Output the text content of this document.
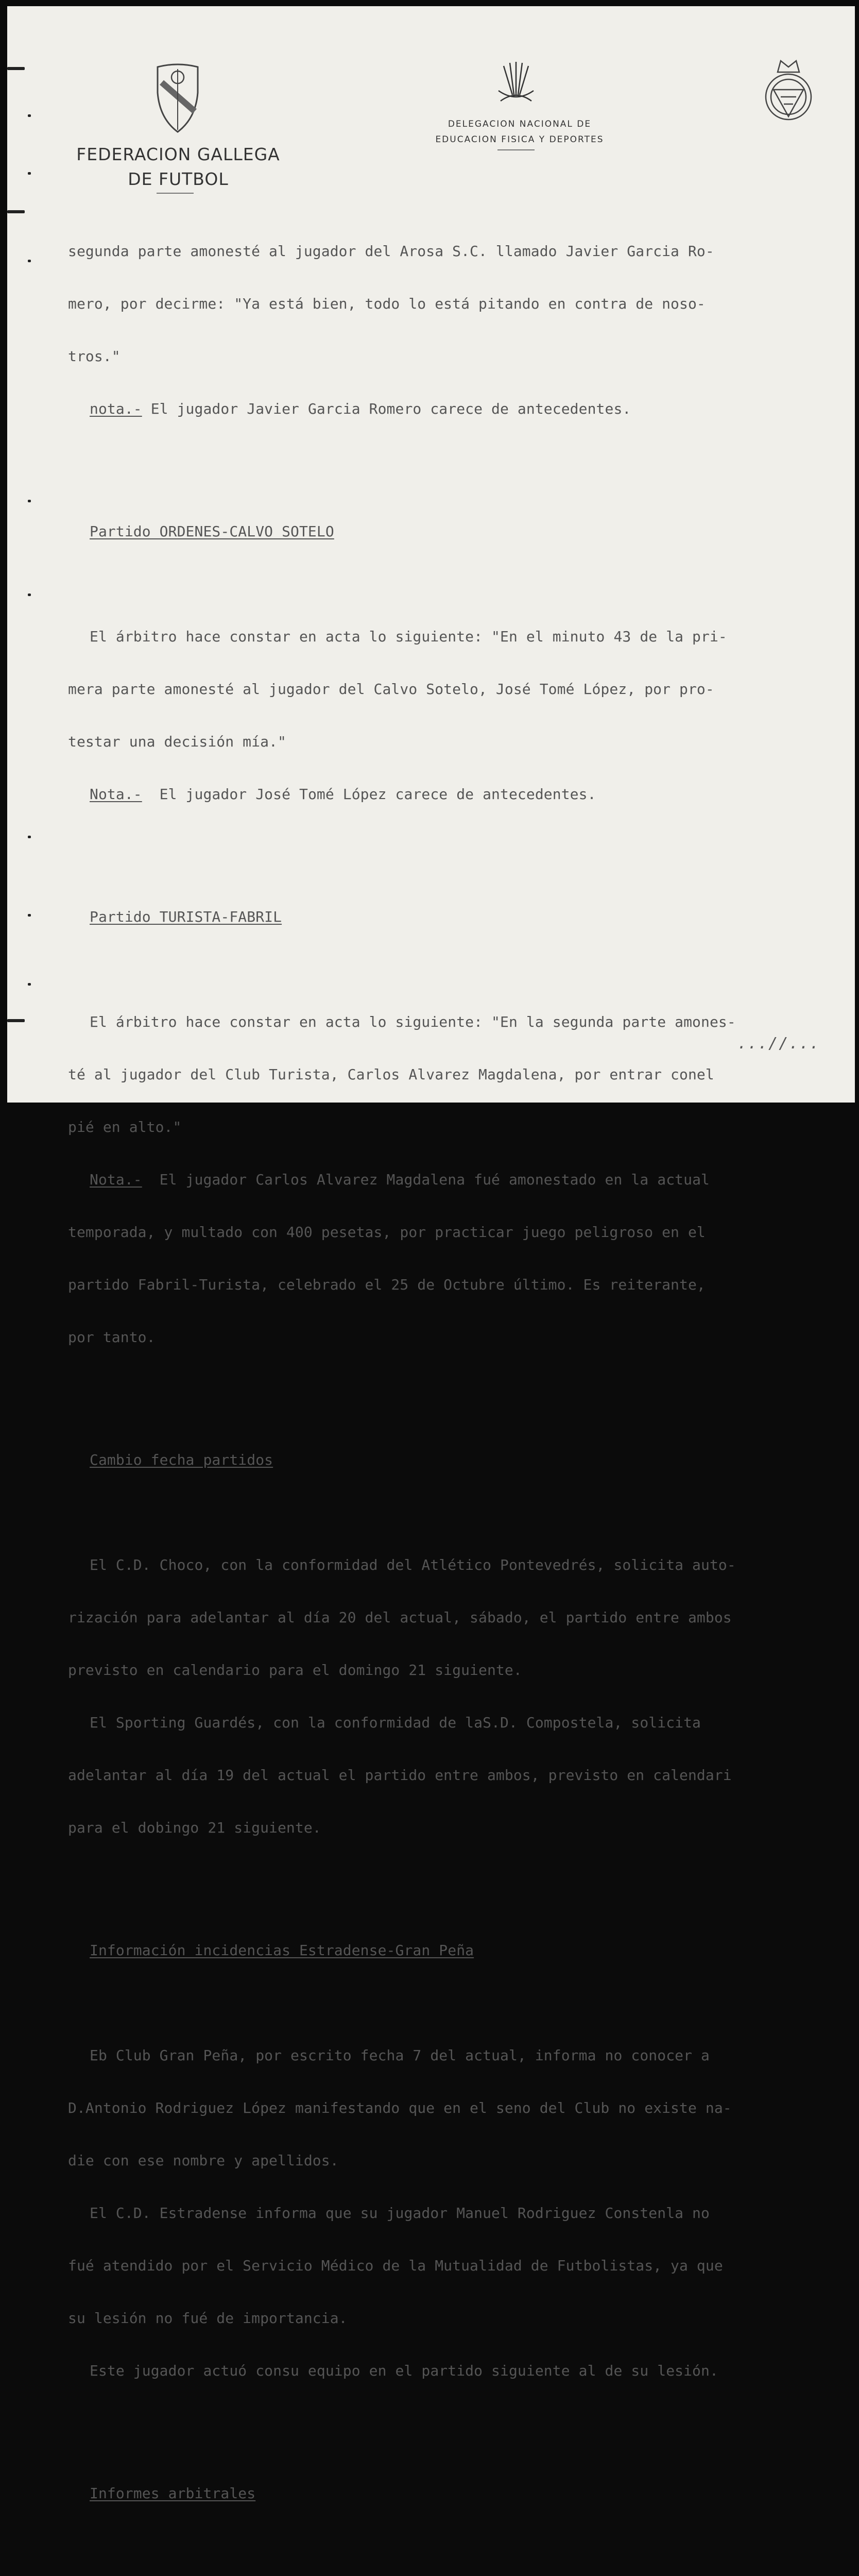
FEDERACION GALLEGA
DE FUTBOL
DELEGACION NACIONAL DE
EDUCACION FISICA Y DEPORTES

segunda parte amonesté al jugador del Arosa S.C. llamado Javier Garcia Ro-

mero, por decirme: "Ya está bien, todo lo está pitando en contra de noso-

tros."

nota.- El jugador Javier Garcia Romero carece de antecedentes.

Partido ORDENES-CALVO SOTELO

El árbitro hace constar en acta lo siguiente: "En el minuto 43 de la pri-

mera parte amonesté al jugador del Calvo Sotelo, José Tomé López, por pro-

testar una decisión mía."

Nota.-  El jugador José Tomé López carece de antecedentes.

Partido TURISTA-FABRIL

El árbitro hace constar en acta lo siguiente: "En la segunda parte amones-

té al jugador del Club Turista, Carlos Alvarez Magdalena, por entrar conel

pié en alto."

Nota.-  El jugador Carlos Alvarez Magdalena fué amonestado en la actual

temporada, y multado con 400 pesetas, por practicar juego peligroso en el

partido Fabril-Turista, celebrado el 25 de Octubre último. Es reiterante,

por tanto.

Cambio fecha partidos

El C.D. Choco, con la conformidad del Atlético Pontevedrés, solicita auto-

rización para adelantar al día 20 del actual, sábado, el partido entre ambos

previsto en calendario para el domingo 21 siguiente.

El Sporting Guardés, con la conformidad de laS.D. Compostela, solicita

adelantar al día 19 del actual el partido entre ambos, previsto en calendari

para el dobingo 21 siguiente.

Información incidencias Estradense-Gran Peña

Eb Club Gran Peña, por escrito fecha 7 del actual, informa no conocer a

D.Antonio Rodriguez López manifestando que en el seno del Club no existe na-

die con ese nombre y apellidos.

El C.D. Estradense informa que su jugador Manuel Rodriguez Constenla no

fué atendido por el Servicio Médico de la Mutualidad de Futbolistas, ya que

su lesión no fué de importancia.

Este jugador actuó consu equipo en el partido siguiente al de su lesión.

Informes arbitrales

...//...
